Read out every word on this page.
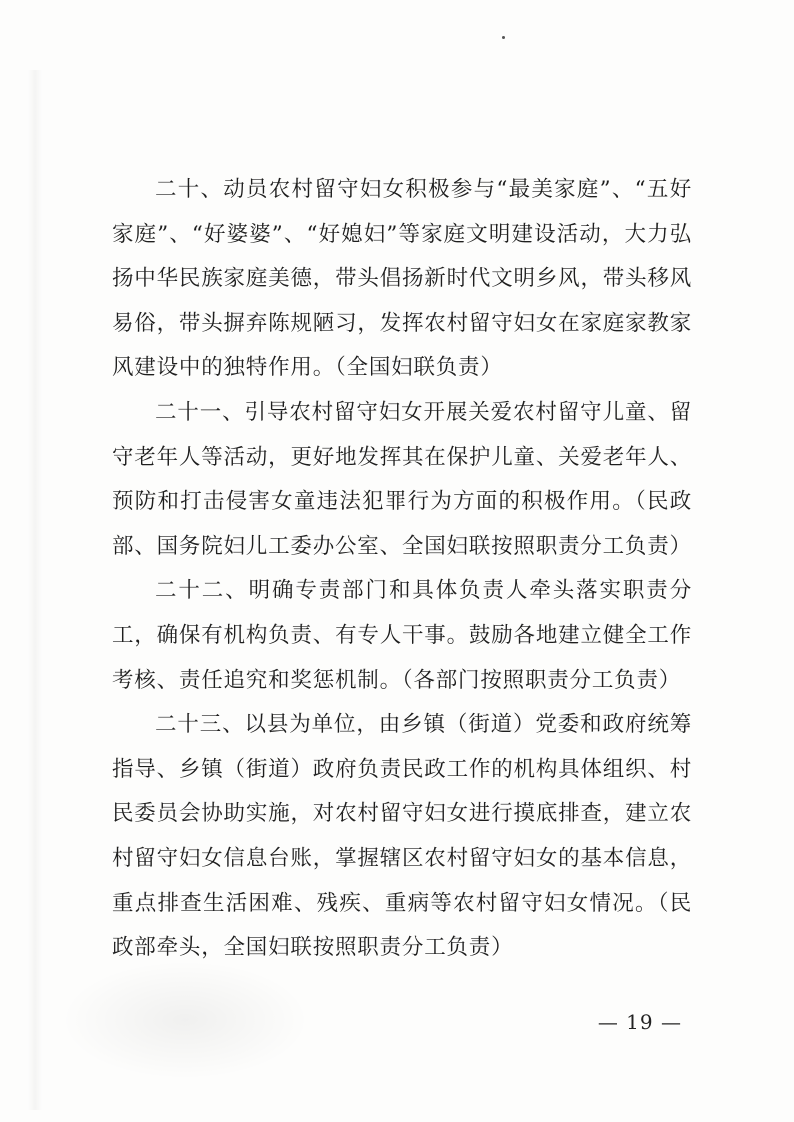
二十、动员农村留守妇女积极参与“最美家庭”、“五好家庭”、“好婆婆”、“好媳妇”等家庭文明建设活动，大力弘扬中华民族家庭美德，带头倡扬新时代文明乡风，带头移风易俗，带头摒弃陈规陋习，发挥农村留守妇女在家庭家教家风建设中的独特作用。（全国妇联负责）

二十一、引导农村留守妇女开展关爱农村留守儿童、留守老年人等活动，更好地发挥其在保护儿童、关爱老年人、预防和打击侵害女童违法犯罪行为方面的积极作用。（民政部、国务院妇儿工委办公室、全国妇联按照职责分工负责）

二十二、明确专责部门和具体负责人牵头落实职责分工，确保有机构负责、有专人干事。鼓励各地建立健全工作考核、责任追究和奖惩机制。（各部门按照职责分工负责）

二十三、以县为单位，由乡镇（街道）党委和政府统筹指导、乡镇（街道）政府负责民政工作的机构具体组织、村民委员会协助实施，对农村留守妇女进行摸底排查，建立农村留守妇女信息台账，掌握辖区农村留守妇女的基本信息，重点排查生活困难、残疾、重病等农村留守妇女情况。（民政部牵头，全国妇联按照职责分工负责）

— 19 —
